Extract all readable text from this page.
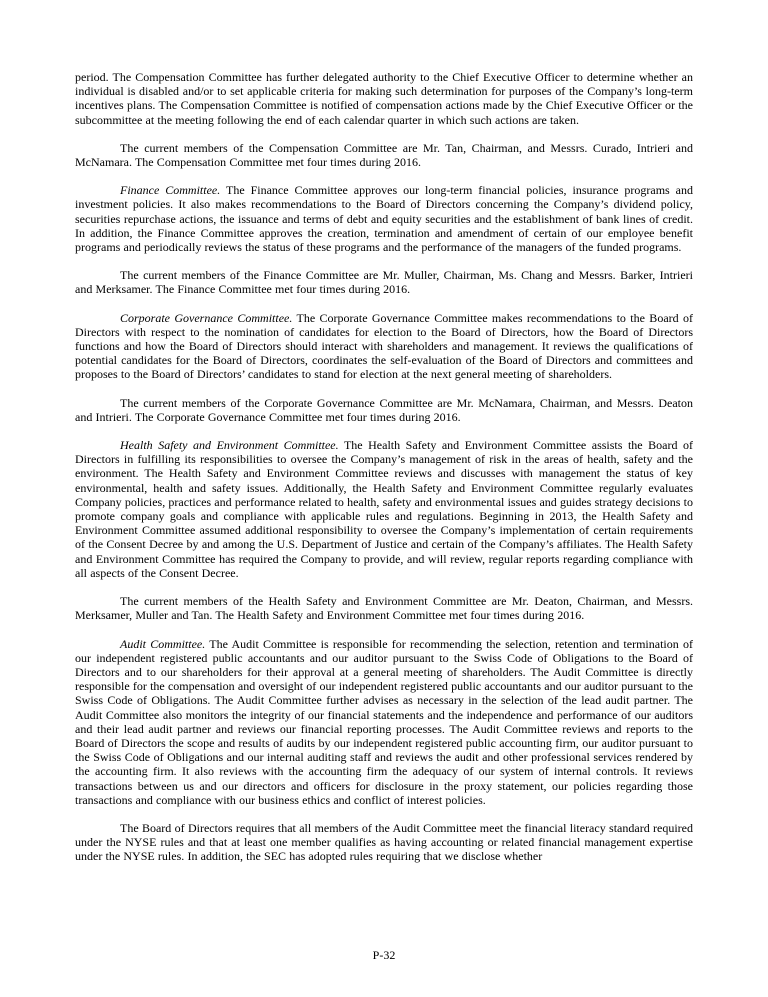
period. The Compensation Committee has further delegated authority to the Chief Executive Officer to determine whether an individual is disabled and/or to set applicable criteria for making such determination for purposes of the Company’s long-term incentives plans. The Compensation Committee is notified of compensation actions made by the Chief Executive Officer or the subcommittee at the meeting following the end of each calendar quarter in which such actions are taken.

The current members of the Compensation Committee are Mr. Tan, Chairman, and Messrs. Curado, Intrieri and McNamara. The Compensation Committee met four times during 2016.

Finance Committee. The Finance Committee approves our long-term financial policies, insurance programs and investment policies. It also makes recommendations to the Board of Directors concerning the Company’s dividend policy, securities repurchase actions, the issuance and terms of debt and equity securities and the establishment of bank lines of credit. In addition, the Finance Committee approves the creation, termination and amendment of certain of our employee benefit programs and periodically reviews the status of these programs and the performance of the managers of the funded programs.

The current members of the Finance Committee are Mr. Muller, Chairman, Ms. Chang and Messrs. Barker, Intrieri and Merksamer. The Finance Committee met four times during 2016.

Corporate Governance Committee. The Corporate Governance Committee makes recommendations to the Board of Directors with respect to the nomination of candidates for election to the Board of Directors, how the Board of Directors functions and how the Board of Directors should interact with shareholders and management. It reviews the qualifications of potential candidates for the Board of Directors, coordinates the self-evaluation of the Board of Directors and committees and proposes to the Board of Directors’ candidates to stand for election at the next general meeting of shareholders.

The current members of the Corporate Governance Committee are Mr. McNamara, Chairman, and Messrs. Deaton and Intrieri. The Corporate Governance Committee met four times during 2016.

Health Safety and Environment Committee. The Health Safety and Environment Committee assists the Board of Directors in fulfilling its responsibilities to oversee the Company’s management of risk in the areas of health, safety and the environment. The Health Safety and Environment Committee reviews and discusses with management the status of key environmental, health and safety issues. Additionally, the Health Safety and Environment Committee regularly evaluates Company policies, practices and performance related to health, safety and environmental issues and guides strategy decisions to promote company goals and compliance with applicable rules and regulations. Beginning in 2013, the Health Safety and Environment Committee assumed additional responsibility to oversee the Company’s implementation of certain requirements of the Consent Decree by and among the U.S. Department of Justice and certain of the Company’s affiliates. The Health Safety and Environment Committee has required the Company to provide, and will review, regular reports regarding compliance with all aspects of the Consent Decree.

The current members of the Health Safety and Environment Committee are Mr. Deaton, Chairman, and Messrs. Merksamer, Muller and Tan. The Health Safety and Environment Committee met four times during 2016.

Audit Committee. The Audit Committee is responsible for recommending the selection, retention and termination of our independent registered public accountants and our auditor pursuant to the Swiss Code of Obligations to the Board of Directors and to our shareholders for their approval at a general meeting of shareholders. The Audit Committee is directly responsible for the compensation and oversight of our independent registered public accountants and our auditor pursuant to the Swiss Code of Obligations. The Audit Committee further advises as necessary in the selection of the lead audit partner. The Audit Committee also monitors the integrity of our financial statements and the independence and performance of our auditors and their lead audit partner and reviews our financial reporting processes. The Audit Committee reviews and reports to the Board of Directors the scope and results of audits by our independent registered public accounting firm, our auditor pursuant to the Swiss Code of Obligations and our internal auditing staff and reviews the audit and other professional services rendered by the accounting firm. It also reviews with the accounting firm the adequacy of our system of internal controls. It reviews transactions between us and our directors and officers for disclosure in the proxy statement, our policies regarding those transactions and compliance with our business ethics and conflict of interest policies.

The Board of Directors requires that all members of the Audit Committee meet the financial literacy standard required under the NYSE rules and that at least one member qualifies as having accounting or related financial management expertise under the NYSE rules. In addition, the SEC has adopted rules requiring that we disclose whether

P-32
